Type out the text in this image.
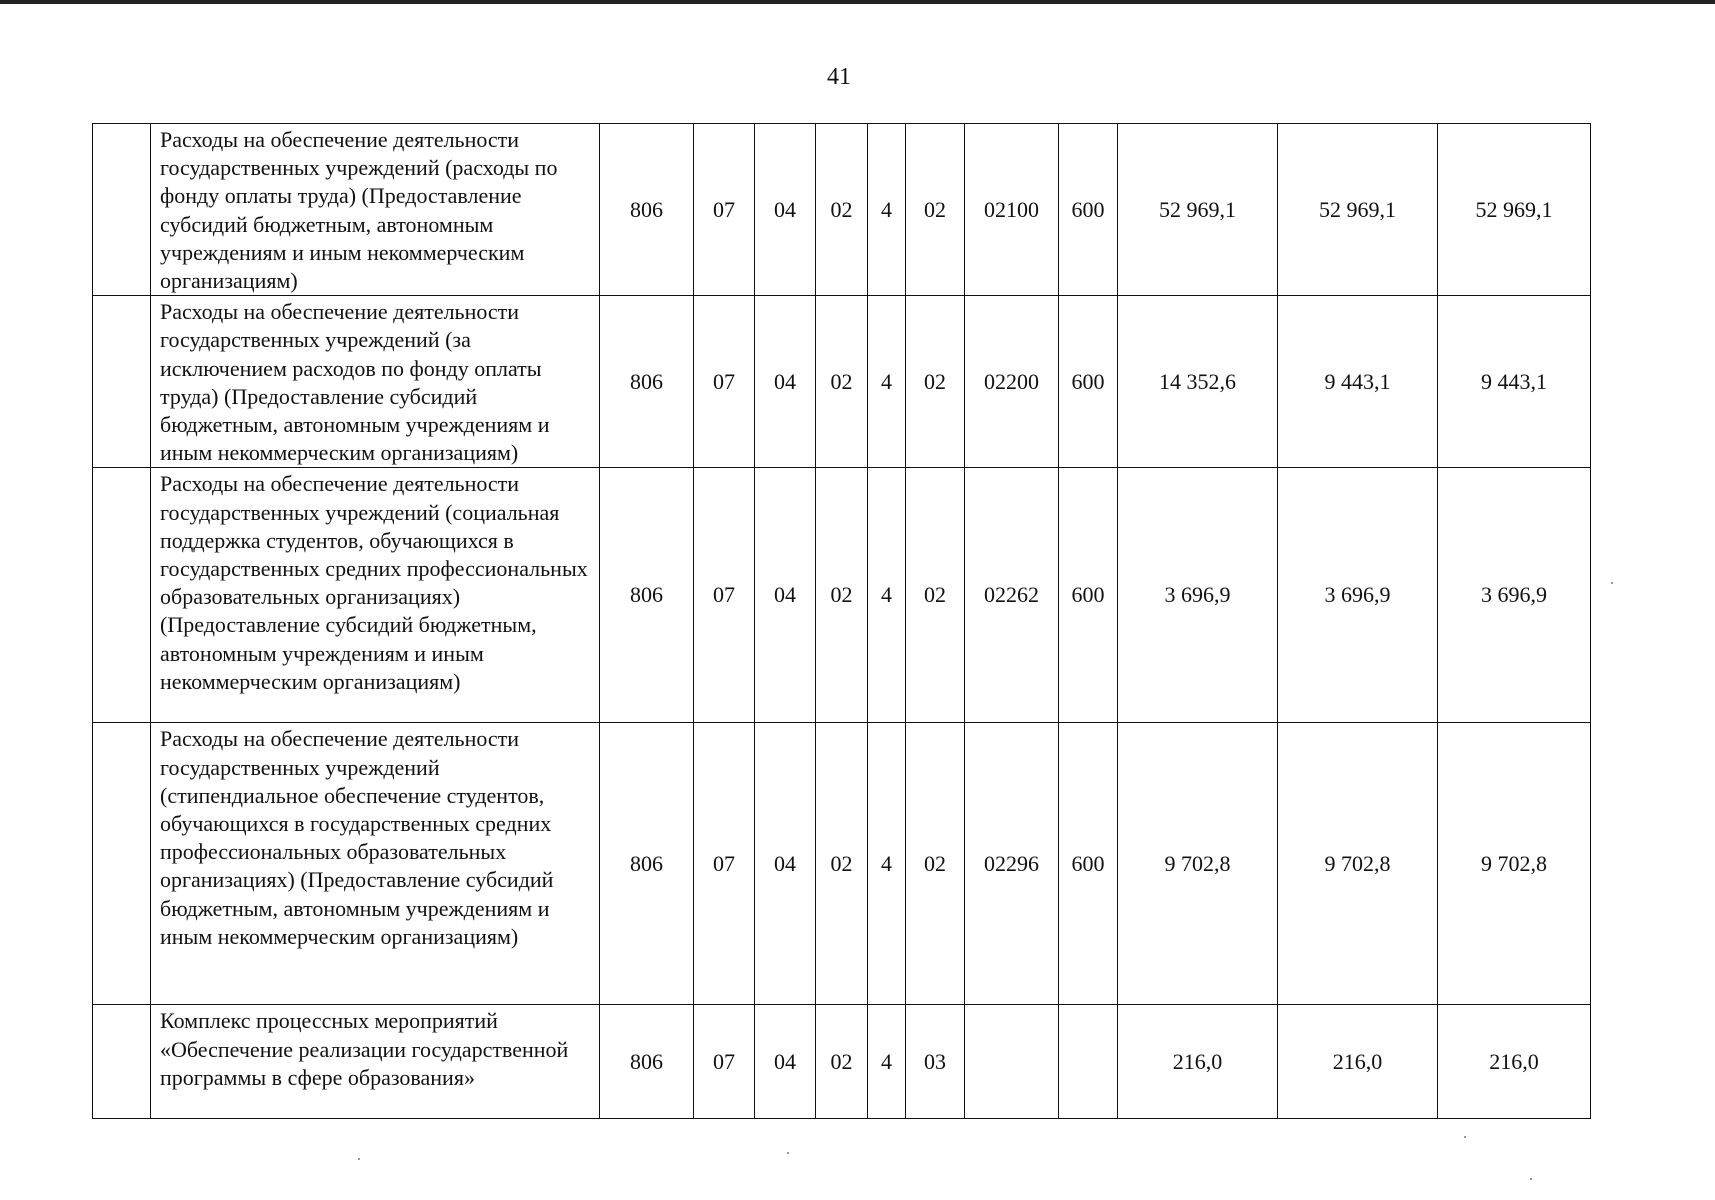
41
	Расходы на обеспечение деятельности государственных учреждений (расходы по фонду оплаты труда) (Предоставление субсидий бюджетным, автономным учреждениям и иным некоммерческим организациям)	806	07	04	02	4	02	02100	600	52 969,1	52 969,1	52 969,1
	Расходы на обеспечение деятельности государственных учреждений (за исключением расходов по фонду оплаты труда) (Предоставление субсидий бюджетным, автономным учреждениям и иным некоммерческим организациям)	806	07	04	02	4	02	02200	600	14 352,6	9 443,1	9 443,1
	Расходы на обеспечение деятельности государственных учреждений (социальная поддержка студентов, обучающихся в государственных средних профессиональных образовательных организациях) (Предоставление субсидий бюджетным, автономным учреждениям и иным некоммерческим организациям)	806	07	04	02	4	02	02262	600	3 696,9	3 696,9	3 696,9
	Расходы на обеспечение деятельности государственных учреждений (стипендиальное обеспечение студентов, обучающихся в государственных средних профессиональных образовательных организациях) (Предоставление субсидий бюджетным, автономным учреждениям и иным некоммерческим организациям)	806	07	04	02	4	02	02296	600	9 702,8	9 702,8	9 702,8
	Комплекс процессных мероприятий «Обеспечение реализации государственной программы в сфере образования»	806	07	04	02	4	03			216,0	216,0	216,0
